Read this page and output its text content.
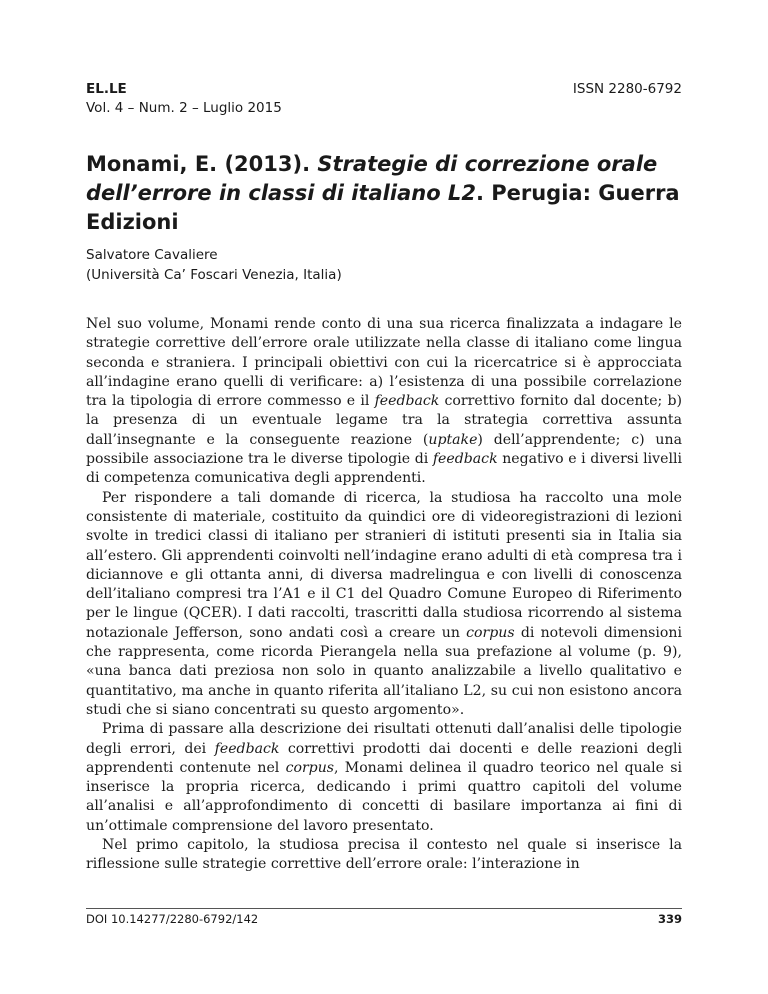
EL.LE
Vol. 4 – Num. 2 – Luglio 2015
ISSN 2280-6792
Monami, E. (2013). Strategie di correzione orale dell’errore in classi di italiano L2. Perugia: Guerra Edizioni
Salvatore Cavaliere
(Università Ca’ Foscari Venezia, Italia)

Nel suo volume, Monami rende conto di una sua ricerca finalizzata a indagare le strategie correttive dell’errore orale utilizzate nella classe di italiano come lingua seconda e straniera. I principali obiettivi con cui la ricercatrice si è approcciata all’indagine erano quelli di verificare: a) l’esistenza di una possibile correlazione tra la tipologia di errore commesso e il feedback correttivo fornito dal docente; b) la presenza di un eventuale legame tra la strategia correttiva assunta dall’insegnante e la conseguente reazione (uptake) dell’apprendente; c) una possibile associazione tra le diverse tipologie di feedback negativo e i diversi livelli di competenza comunicativa degli apprendenti.

Per rispondere a tali domande di ricerca, la studiosa ha raccolto una mole consistente di materiale, costituito da quindici ore di videoregistrazioni di lezioni svolte in tredici classi di italiano per stranieri di istituti presenti sia in Italia sia all’estero. Gli apprendenti coinvolti nell’indagine erano adulti di età compresa tra i diciannove e gli ottanta anni, di diversa madrelingua e con livelli di conoscenza dell’italiano compresi tra l’A1 e il C1 del Quadro Comune Europeo di Riferimento per le lingue (QCER). I dati raccolti, trascritti dalla studiosa ricorrendo al sistema notazionale Jefferson, sono andati così a creare un corpus di notevoli dimensioni che rappresenta, come ricorda Pierangela nella sua prefazione al volume (p. 9), «una banca dati preziosa non solo in quanto analizzabile a livello qualitativo e quantitativo, ma anche in quanto riferita all’italiano L2, su cui non esistono ancora studi che si siano concentrati su questo argomento».

Prima di passare alla descrizione dei risultati ottenuti dall’analisi delle tipologie degli errori, dei feedback correttivi prodotti dai docenti e delle reazioni degli apprendenti contenute nel corpus, Monami delinea il quadro teorico nel quale si inserisce la propria ricerca, dedicando i primi quattro capitoli del volume all’analisi e all’approfondimento di concetti di basilare importanza ai fini di un’ottimale comprensione del lavoro presentato.

Nel primo capitolo, la studiosa precisa il contesto nel quale si inserisce la riflessione sulle strategie correttive dell’errore orale: l’interazione in

DOI 10.14277/2280-6792/142	339
